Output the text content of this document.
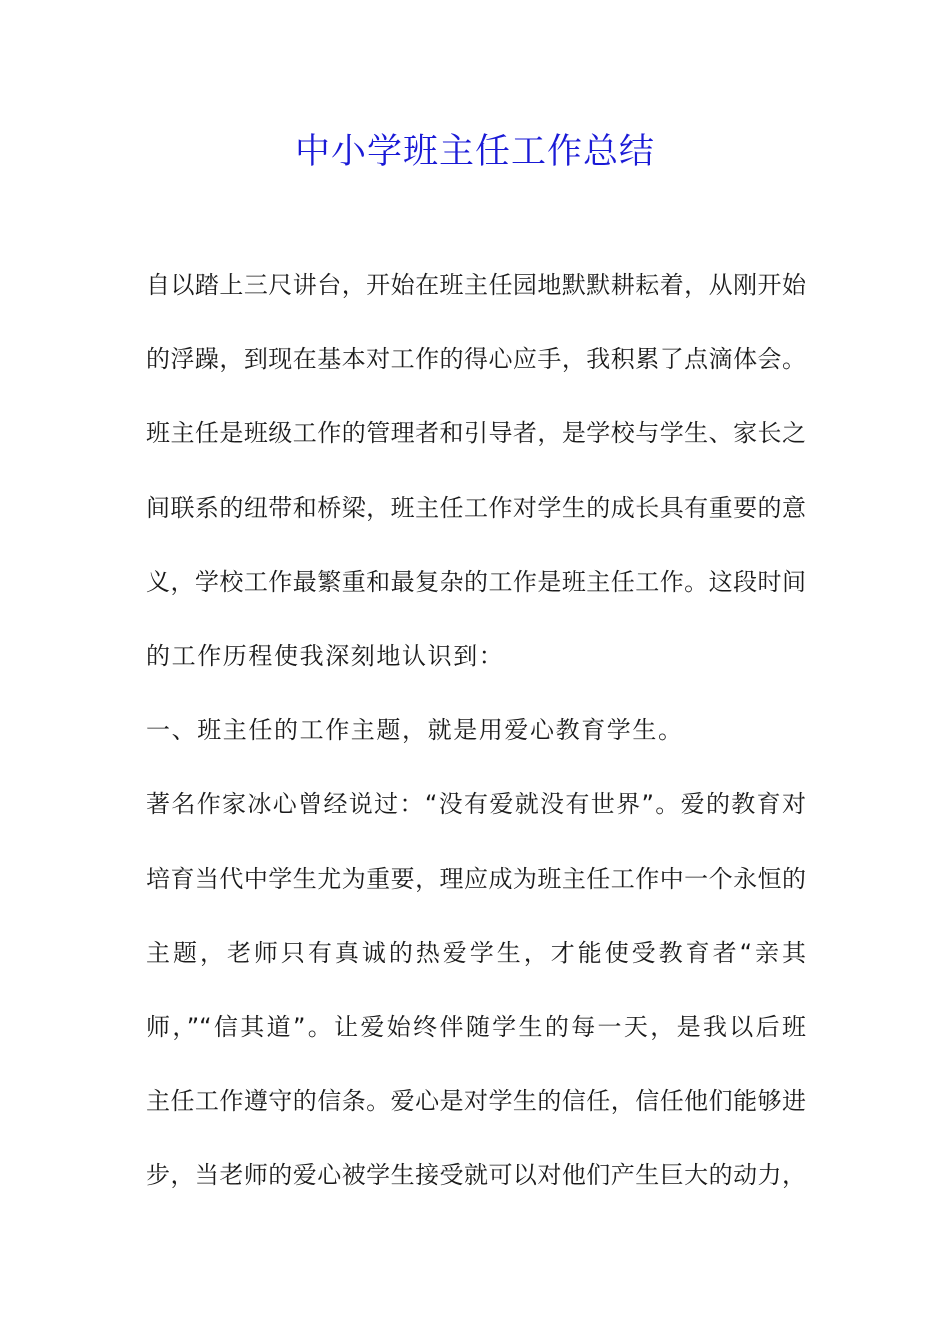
中小学班主任工作总结
自以踏上三尺讲台，开始在班主任园地默默耕耘着，从刚开始
的浮躁，到现在基本对工作的得心应手，我积累了点滴体会。
班主任是班级工作的管理者和引导者，是学校与学生、家长之
间联系的纽带和桥梁，班主任工作对学生的成长具有重要的意
义，学校工作最繁重和最复杂的工作是班主任工作。这段时间
的工作历程使我深刻地认识到：
一、班主任的工作主题，就是用爱心教育学生。
著名作家冰心曾经说过：“没有爱就没有世界”。爱的教育对
培育当代中学生尤为重要，理应成为班主任工作中一个永恒的
主题，老师只有真诚的热爱学生，才能使受教育者“亲其
师，”“信其道”。让爱始终伴随学生的每一天，是我以后班
主任工作遵守的信条。爱心是对学生的信任，信任他们能够进
步，当老师的爱心被学生接受就可以对他们产生巨大的动力，
